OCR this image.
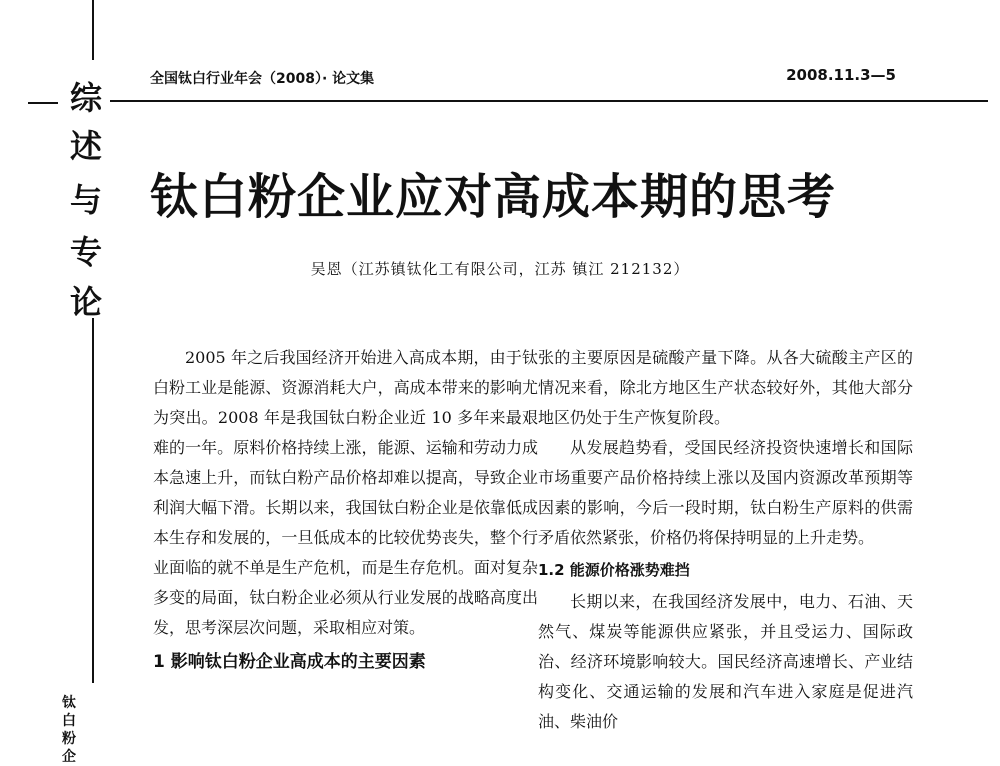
综
述
与
专
论
钛
白
粉
企
全国钛白行业年会（2008）· 论文集	2008.11.3—5
钛白粉企业应对高成本期的思考
吴恩（江苏镇钛化工有限公司，江苏 镇江 212132）

2005 年之后我国经济开始进入高成本期，由于钛白粉工业是能源、资源消耗大户，高成本带来的影响尤为突出。2008 年是我国钛白粉企业近 10 多年来最艰难的一年。原料价格持续上涨，能源、运输和劳动力成本急速上升，而钛白粉产品价格却难以提高，导致企业利润大幅下滑。长期以来，我国钛白粉企业是依靠低成本生存和发展的，一旦低成本的比较优势丧失，整个行业面临的就不单是生产危机，而是生存危机。面对复杂多变的局面，钛白粉企业必须从行业发展的战略高度出发，思考深层次问题，采取相应对策。

1 影响钛白粉企业高成本的主要因素

张的主要原因是硫酸产量下降。从各大硫酸主产区的情况来看，除北方地区生产状态较好外，其他大部分地区仍处于生产恢复阶段。

从发展趋势看，受国民经济投资快速增长和国际市场重要产品价格持续上涨以及国内资源改革预期等因素的影响，今后一段时期，钛白粉生产原料的供需矛盾依然紧张，价格仍将保持明显的上升走势。

1.2 能源价格涨势难挡

长期以来，在我国经济发展中，电力、石油、天然气、煤炭等能源供应紧张，并且受运力、国际政治、经济环境影响较大。国民经济高速增长、产业结构变化、交通运输的发展和汽车进入家庭是促进汽油、柴油价
